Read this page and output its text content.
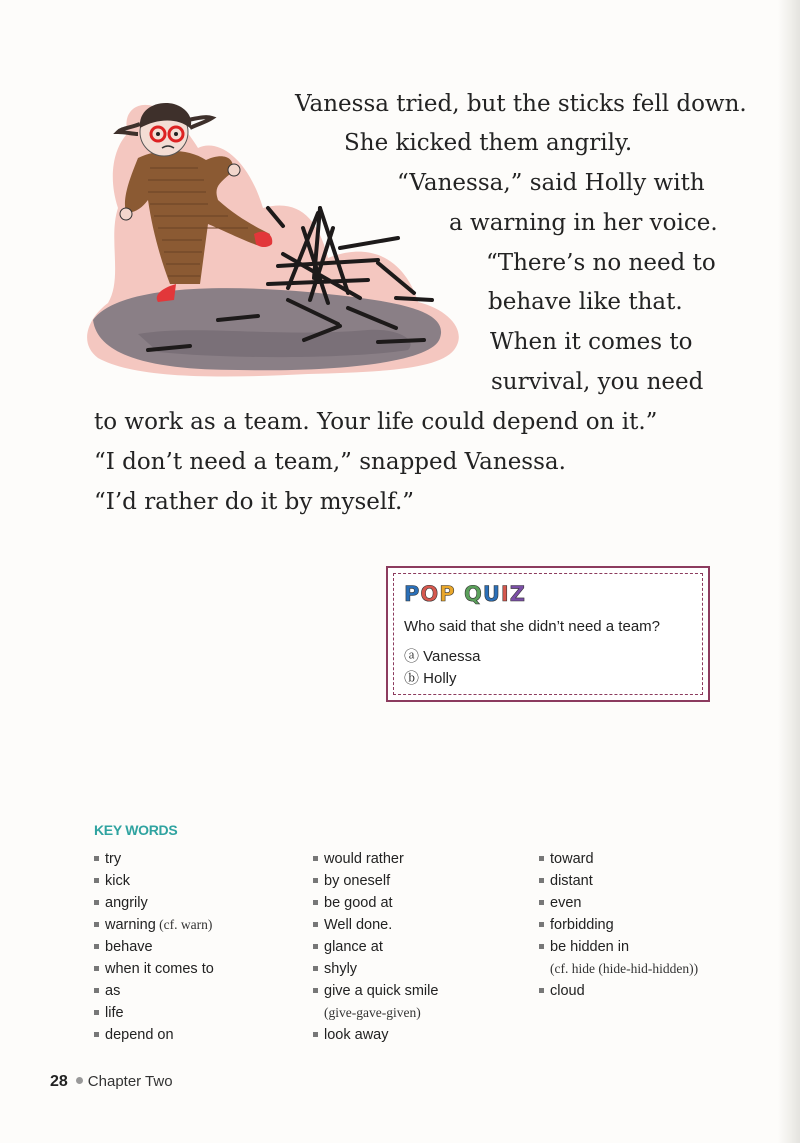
Vanessa tried, but the sticks fell down.
She kicked them angrily.
“Vanessa,” said Holly with
a warning in her voice.
“There’s no need to
behave like that.
When it comes to
survival, you need
to work as a team. Your life could depend on it.”
“I don’t need a team,” snapped Vanessa.
“I’d rather do it by myself.”
POP QUIZ
Who said that she didn’t need a team?
ⓐ Vanessa
ⓑ Holly
KEY WORDS
try
kick
angrily
warning (cf. warn)
behave
when it comes to
as
life
depend on
would rather
by oneself
be good at
Well done.
glance at
shyly
give a quick smile
(give-gave-given)
look away
toward
distant
even
forbidding
be hidden in
(cf. hide (hide-hid-hidden))
cloud
28 Chapter Two
